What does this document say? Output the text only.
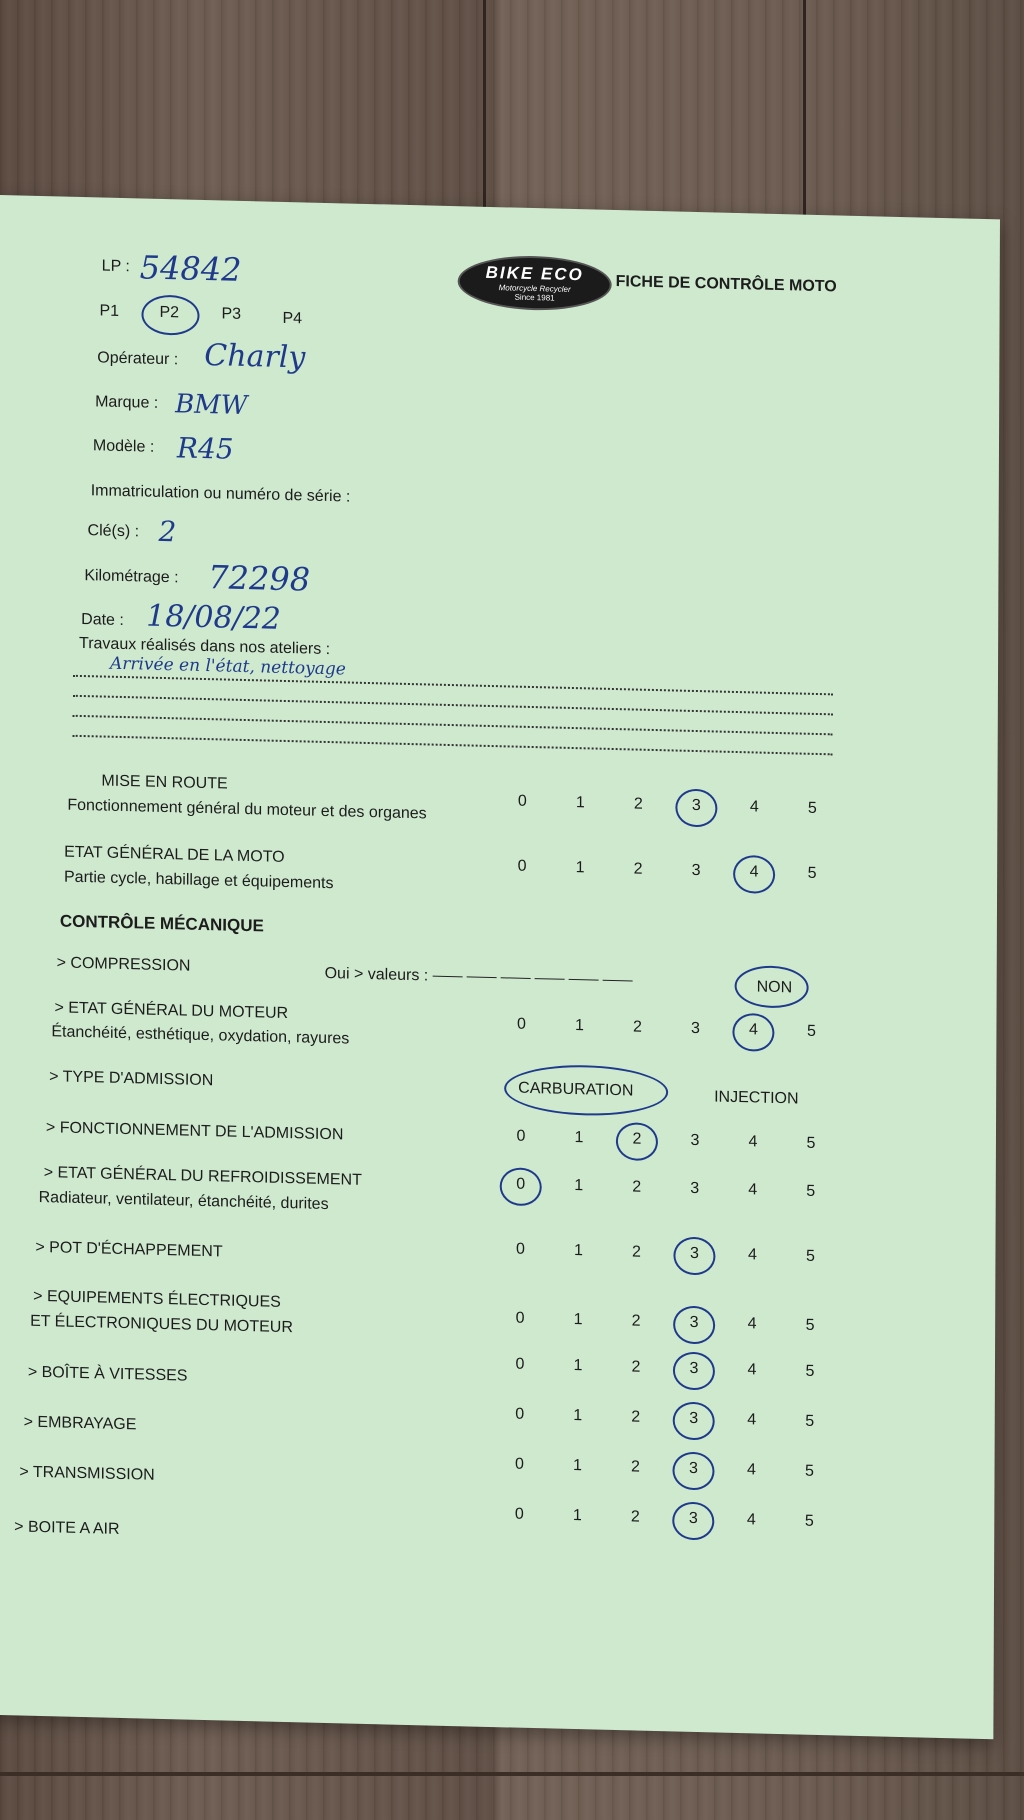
LP : 54842
P1	P2	P3	P4
BIKE ECO
Motorcycle Recycler
Since 1981
FICHE DE CONTRÔLE MOTO
Opérateur : Charly
Marque : BMW
Modèle : R45
Immatriculation ou numéro de série :
Clé(s) : 2
Kilométrage : 72298
Date : 18/08/22
Travaux réalisés dans nos ateliers :
Arrivée en l'état, nettoyage
MISE EN ROUTE
Fonctionnement général du moteur et des organes	0	1	2	3	4	5
ETAT GÉNÉRAL DE LA MOTO
Partie cycle, habillage et équipements
0	1	2	3	4	5
CONTRÔLE MÉCANIQUE
> COMPRESSION
Oui > valeurs :
NON
> ETAT GÉNÉRAL DU MOTEUR
Étanchéité, esthétique, oxydation, rayures	0	1	2	3	4	5
> TYPE D'ADMISSION
CARBURATION	INJECTION
> FONCTIONNEMENT DE L'ADMISSION	0	1	2	3	4	5
> ETAT GÉNÉRAL DU REFROIDISSEMENT
Radiateur, ventilateur, étanchéité, durites
0	1	2	3	4	5
> POT D'ÉCHAPPEMENT	0	1	2	3	4	5
> EQUIPEMENTS ÉLECTRIQUES
ET ÉLECTRONIQUES DU MOTEUR	0	1	2	3	4	5
> BOÎTE À VITESSES	0	1	2	3	4	5
> EMBRAYAGE	0	1	2	3	4	5
> TRANSMISSION	0	1	2	3	4	5
> BOITE A AIR
0	1	2	3	4	5
